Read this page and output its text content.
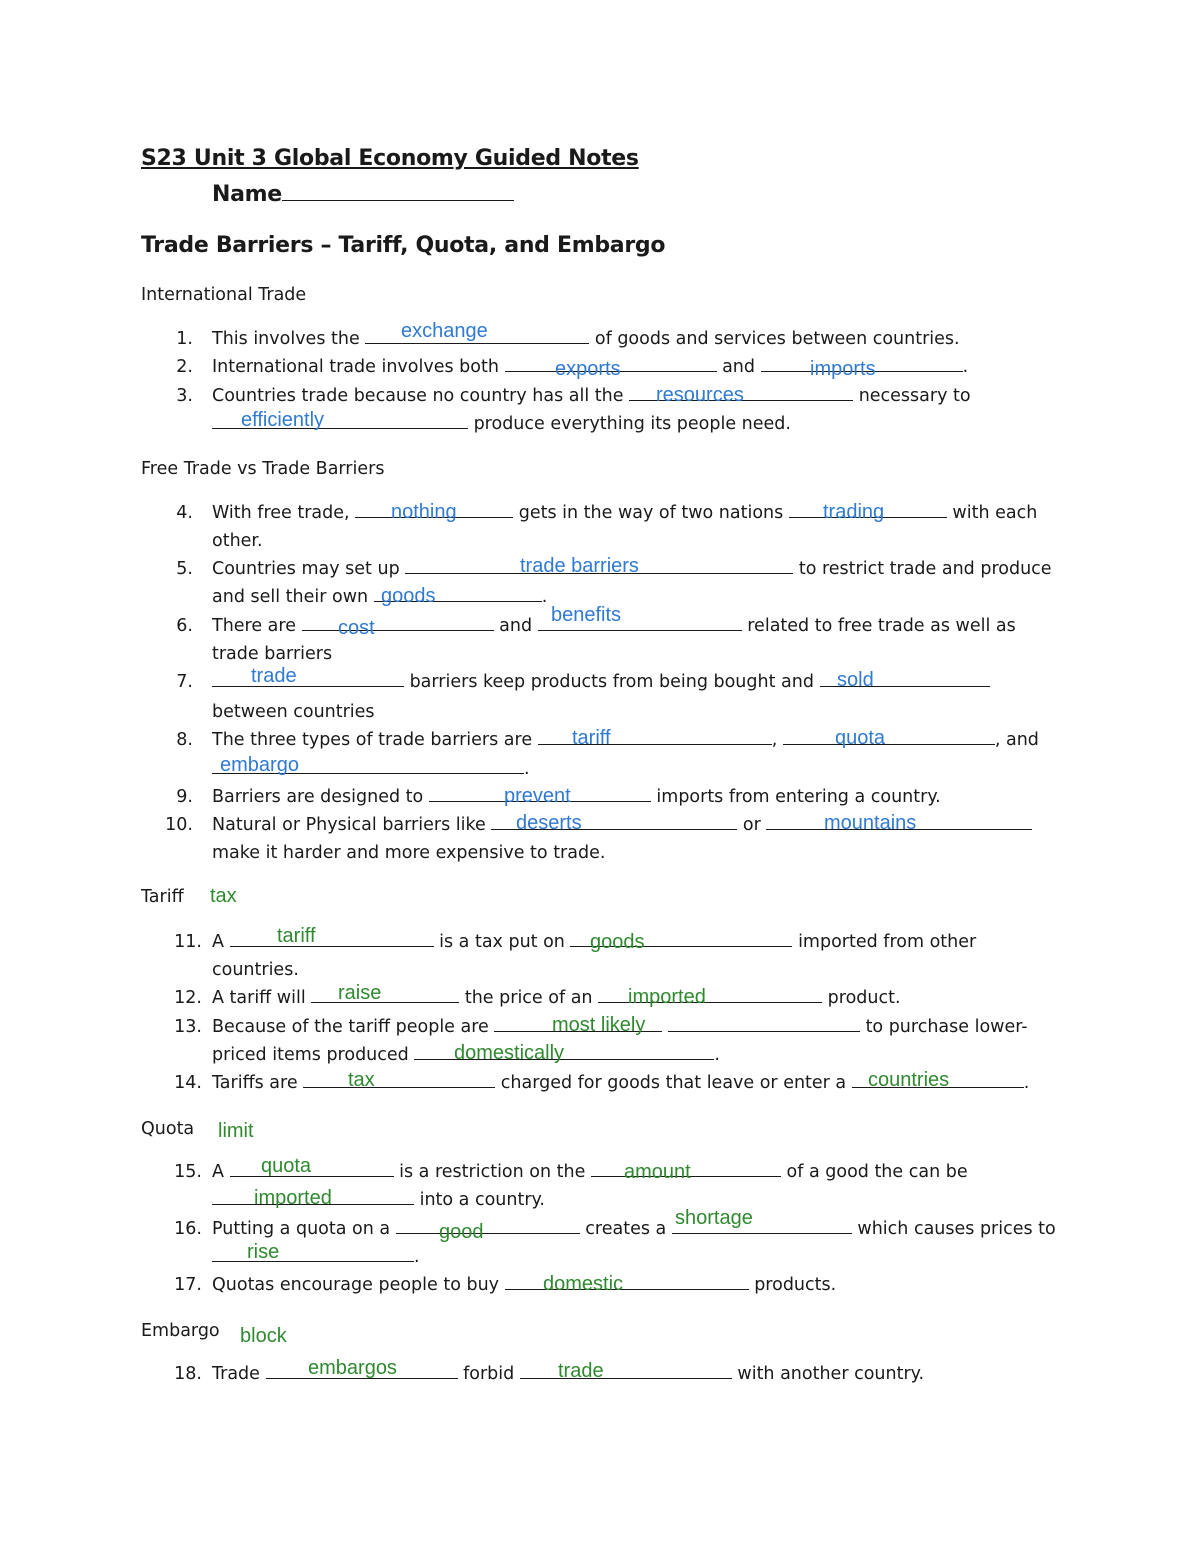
S23 Unit 3 Global Economy Guided Notes
Name
Trade Barriers – Tariff, Quota, and Embargo
International Trade
1. This involves the	of goods and services between countries.
exchange
2. International trade involves both	and	.
exports	imports
3. Countries trade because no country has all the	necessary to
resources
produce everything its people need.
efficiently
Free Trade vs Trade Barriers
4. With free trade,	gets in the way of two nations	with each
nothing	trading
other.
5. Countries may set up	to restrict trade and produce
trade barriers
and sell their own	.
goods
6. There are	and	related to free trade as well as
cost
benefits
trade barriers
7.	barriers keep products from being bought and
trade	sold
between countries
8. The three types of trade barriers are	,	, and
tariff	quota
.
embargo
9. Barriers are designed to	imports from entering a country.
prevent
10. Natural or Physical barriers like	or
deserts	mountains
make it harder and more expensive to trade.
Tariff tax
11. A	is a tax put on	imported from other
tariff	goods
countries.
12. A tariff will	the price of an	product.
raise	imported
13. Because of the tariff people are	to purchase lower-
most likely
priced items produced	.
domestically
14. Tariffs are	charged for goods that leave or enter a	.
tax	countries
Quota limit
15. A	is a restriction on the	of a good the can be
quota	amount
into a country.
imported
16. Putting a quota on a	creates a	which causes prices to
good
shortage
.
rise
17. Quotas encourage people to buy	products.
domestic
Embargo block
18. Trade	forbid	with another country.
embargos	trade
